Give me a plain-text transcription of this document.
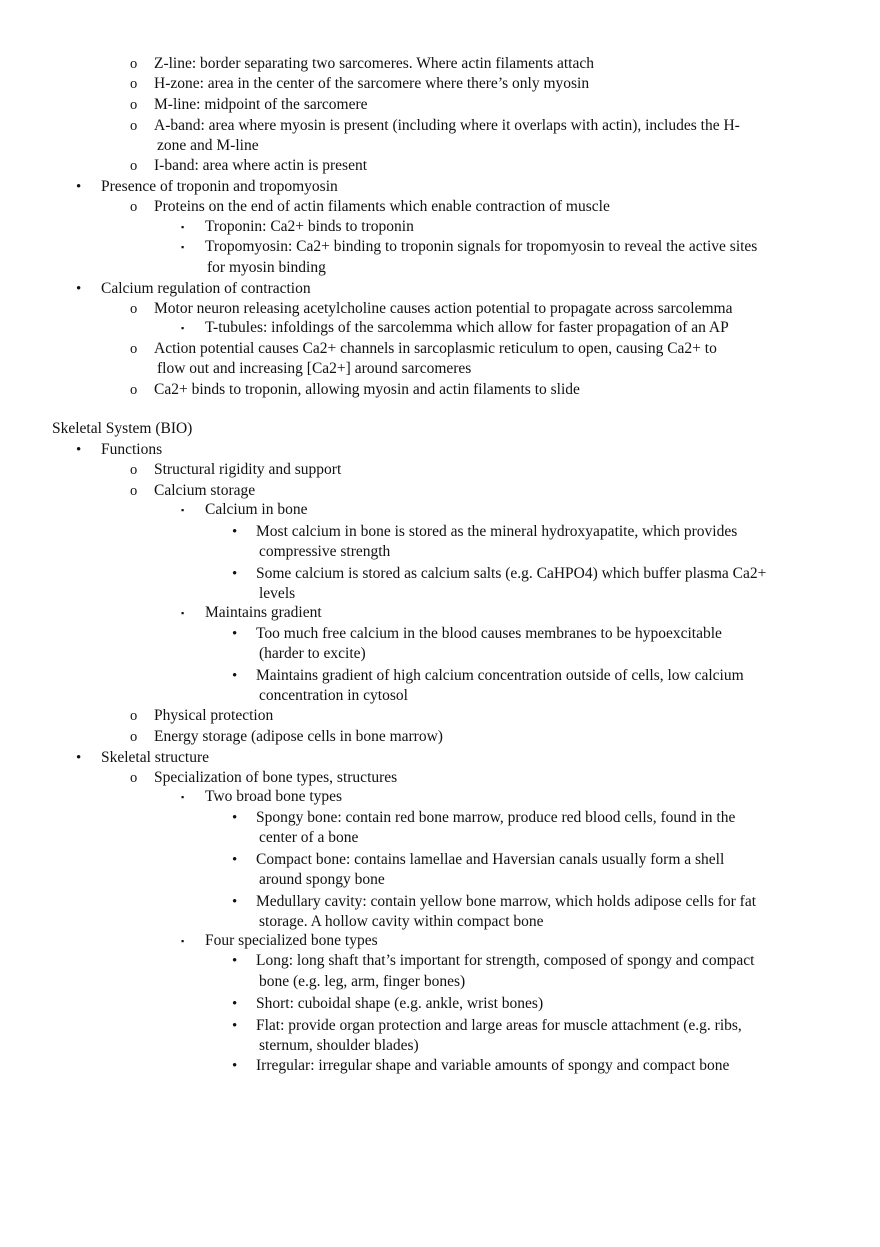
o Z-line: border separating two sarcomeres. Where actin filaments attach
o H-zone: area in the center of the sarcomere where there’s only myosin
o M-line: midpoint of the sarcomere
o A-band: area where myosin is present (including where it overlaps with actin), includes the H-
zone and M-line
o I-band: area where actin is present
• Presence of troponin and tropomyosin
o Proteins on the end of actin filaments which enable contraction of muscle
▪ Troponin: Ca2+ binds to troponin
▪ Tropomyosin: Ca2+ binding to troponin signals for tropomyosin to reveal the active sites
for myosin binding
• Calcium regulation of contraction
o Motor neuron releasing acetylcholine causes action potential to propagate across sarcolemma
▪ T-tubules: infoldings of the sarcolemma which allow for faster propagation of an AP
o Action potential causes Ca2+ channels in sarcoplasmic reticulum to open, causing Ca2+ to
flow out and increasing [Ca2+] around sarcomeres
o Ca2+ binds to troponin, allowing myosin and actin filaments to slide
Skeletal System (BIO)
• Functions
o Structural rigidity and support
o Calcium storage
▪ Calcium in bone
• Most calcium in bone is stored as the mineral hydroxyapatite, which provides
compressive strength
• Some calcium is stored as calcium salts (e.g. CaHPO4) which buffer plasma Ca2+
levels
▪ Maintains gradient
• Too much free calcium in the blood causes membranes to be hypoexcitable
(harder to excite)
• Maintains gradient of high calcium concentration outside of cells, low calcium
concentration in cytosol
o Physical protection
o Energy storage (adipose cells in bone marrow)
• Skeletal structure
o Specialization of bone types, structures
▪ Two broad bone types
• Spongy bone: contain red bone marrow, produce red blood cells, found in the
center of a bone
• Compact bone: contains lamellae and Haversian canals usually form a shell
around spongy bone
• Medullary cavity: contain yellow bone marrow, which holds adipose cells for fat
storage. A hollow cavity within compact bone
▪ Four specialized bone types
• Long: long shaft that’s important for strength, composed of spongy and compact
bone (e.g. leg, arm, finger bones)
• Short: cuboidal shape (e.g. ankle, wrist bones)
• Flat: provide organ protection and large areas for muscle attachment (e.g. ribs,
sternum, shoulder blades)
• Irregular: irregular shape and variable amounts of spongy and compact bone
